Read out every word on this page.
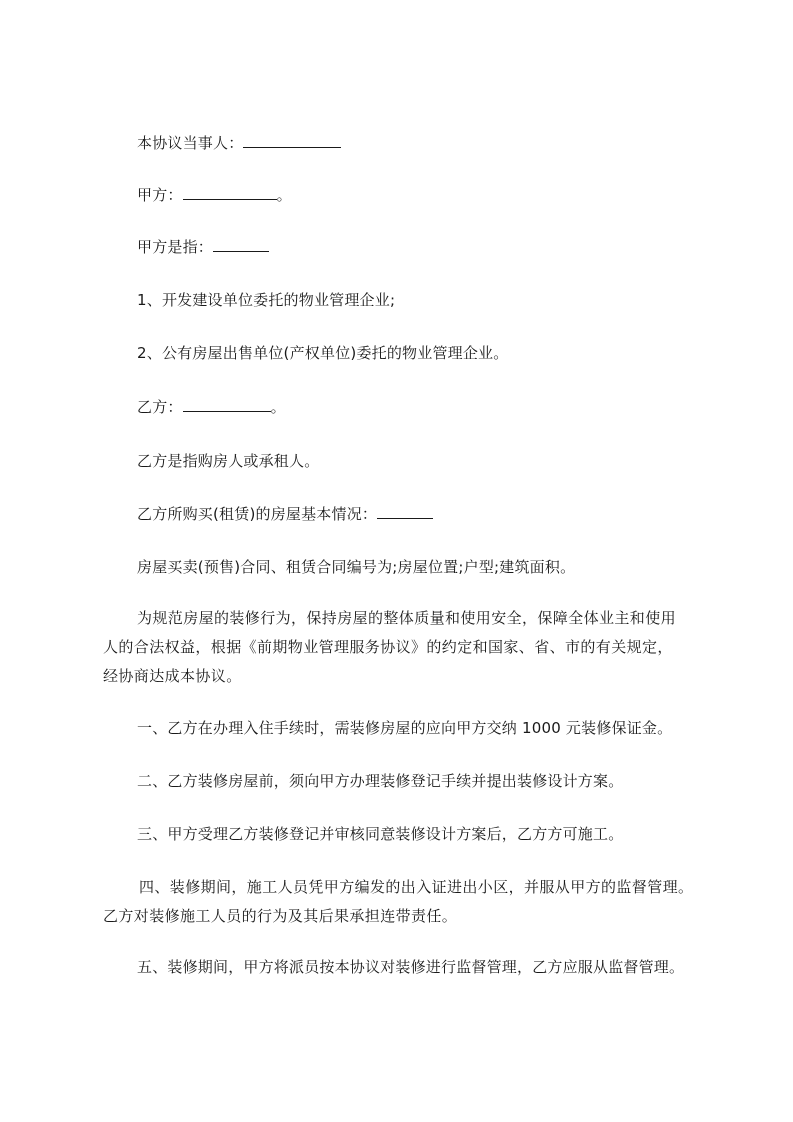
本协议当事人：
甲方：	。
甲方是指：
1、开发建设单位委托的物业管理企业;
2、公有房屋出售单位(产权单位)委托的物业管理企业。
乙方：	。
乙方是指购房人或承租人。
乙方所购买(租赁)的房屋基本情况：
房屋买卖(预售)合同、租赁合同编号为;房屋位置;户型;建筑面积。
为规范房屋的装修行为，保持房屋的整体质量和使用安全，保障全体业主和使用
人的合法权益，根据《前期物业管理服务协议》的约定和国家、省、市的有关规定，
经协商达成本协议。
一、乙方在办理入住手续时，需装修房屋的应向甲方交纳 1000 元装修保证金。
二、乙方装修房屋前，须向甲方办理装修登记手续并提出装修设计方案。
三、甲方受理乙方装修登记并审核同意装修设计方案后，乙方方可施工。
四、装修期间，施工人员凭甲方编发的出入证进出小区，并服从甲方的监督管理。
乙方对装修施工人员的行为及其后果承担连带责任。
五、装修期间，甲方将派员按本协议对装修进行监督管理，乙方应服从监督管理。
